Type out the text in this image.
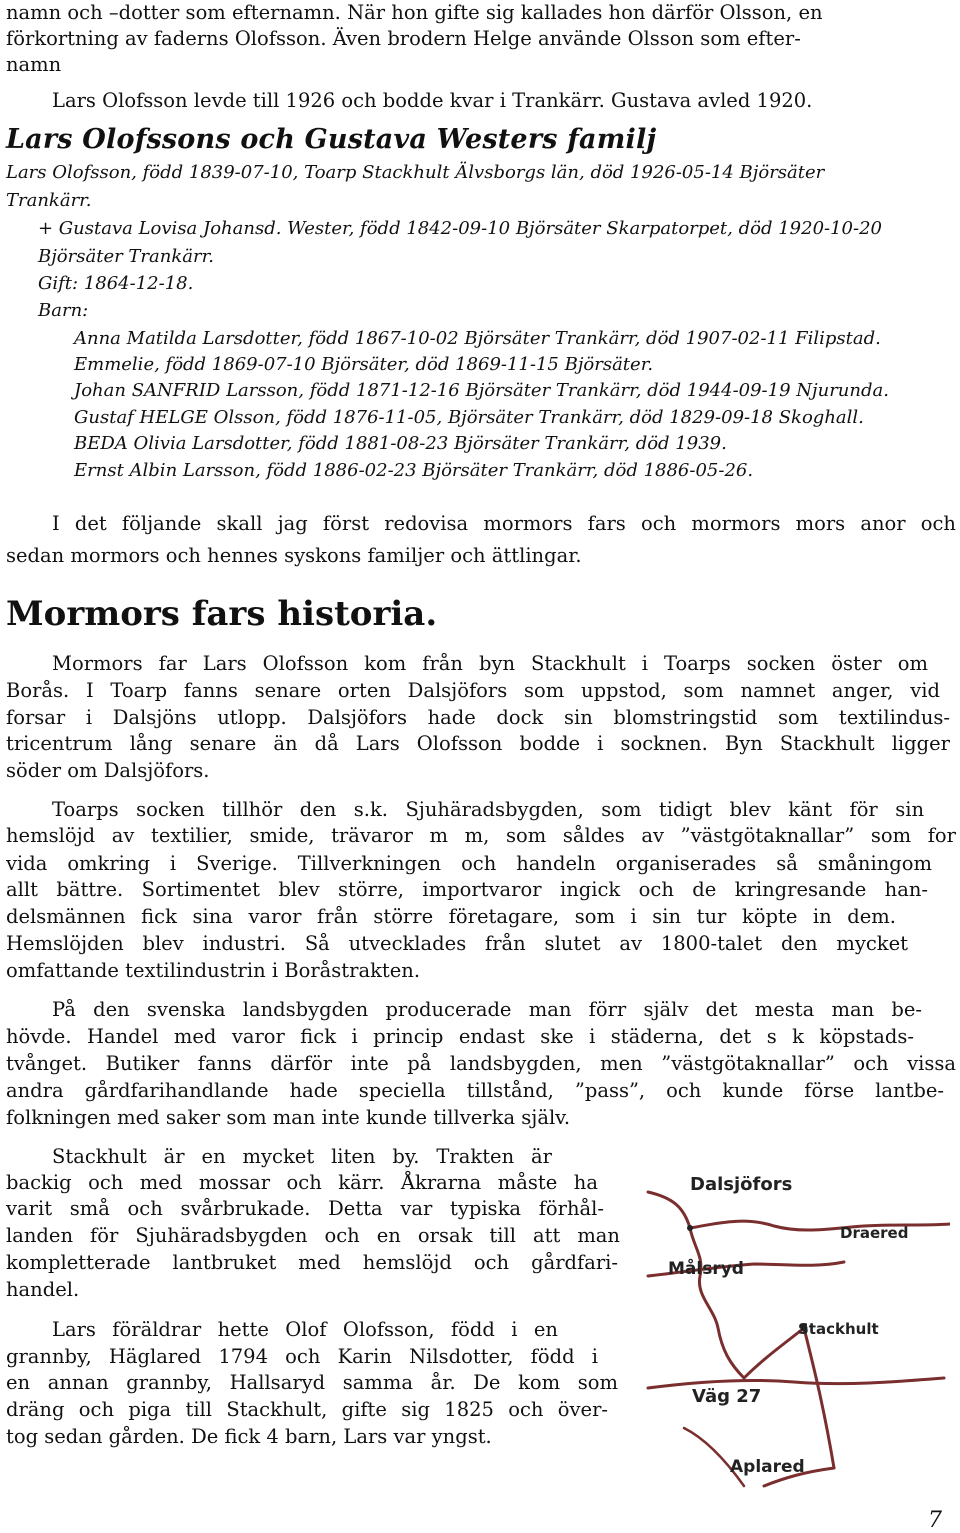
namn och –dotter som efternamn. När hon gifte sig kallades hon därför Olsson, en
förkortning av faderns Olofsson. Även brodern Helge använde Olsson som efter-
namn
Lars Olofsson levde till 1926 och bodde kvar i Trankärr. Gustava avled 1920.
Lars Olofssons och Gustava Westers familj
Lars Olofsson, född 1839-07-10, Toarp Stackhult Älvsborgs län, död 1926-05-14 Björsäter
Trankärr.
+ Gustava Lovisa Johansd. Wester, född 1842-09-10 Björsäter Skarpatorpet, död 1920-10-20
Björsäter Trankärr.
Gift: 1864-12-18.
Barn:
Anna Matilda Larsdotter, född 1867-10-02 Björsäter Trankärr, död 1907-02-11 Filipstad.
Emmelie, född 1869-07-10 Björsäter, död 1869-11-15 Björsäter.
Johan SANFRID Larsson, född 1871-12-16 Björsäter Trankärr, död 1944-09-19 Njurunda.
Gustaf HELGE Olsson, född 1876-11-05, Björsäter Trankärr, död 1829-09-18 Skoghall.
BEDA Olivia Larsdotter, född 1881-08-23 Björsäter Trankärr, död 1939.
Ernst Albin Larsson, född 1886-02-23 Björsäter Trankärr, död 1886-05-26.
I det följande skall jag först redovisa mormors fars och mormors mors anor och
sedan mormors och hennes syskons familjer och ättlingar.
Mormors fars historia.
Mormors far Lars Olofsson kom från byn Stackhult i Toarps socken öster om
Borås. I Toarp fanns senare orten Dalsjöfors som uppstod, som namnet anger, vid
forsar i Dalsjöns utlopp. Dalsjöfors hade dock sin blomstringstid som textilindus-
tricentrum lång senare än då Lars Olofsson bodde i socknen. Byn Stackhult ligger
söder om Dalsjöfors.
Toarps socken tillhör den s.k. Sjuhäradsbygden, som tidigt blev känt för sin
hemslöjd av textilier, smide, trävaror m m, som såldes av ”västgötaknallar” som for
vida omkring i Sverige. Tillverkningen och handeln organiserades så småningom
allt bättre. Sortimentet blev större, importvaror ingick och de kringresande han-
delsmännen fick sina varor från större företagare, som i sin tur köpte in dem.
Hemslöjden blev industri. Så utvecklades från slutet av 1800-talet den mycket
omfattande textilindustrin i Boråstrakten.
På den svenska landsbygden producerade man förr själv det mesta man be-
hövde. Handel med varor fick i princip endast ske i städerna, det s k köpstads-
tvånget. Butiker fanns därför inte på landsbygden, men ”västgötaknallar” och vissa
andra gårdfarihandlande hade speciella tillstånd, ”pass”, och kunde förse lantbe-
folkningen med saker som man inte kunde tillverka själv.
Stackhult är en mycket liten by. Trakten är
backig och med mossar och kärr. Åkrarna måste ha
varit små och svårbrukade. Detta var typiska förhål-
landen för Sjuhäradsbygden och en orsak till att man
kompletterade lantbruket med hemslöjd och gårdfari-
handel.
Lars föräldrar hette Olof Olofsson, född i en
grannby, Häglared 1794 och Karin Nilsdotter, född i
en annan grannby, Hallsaryd samma år. De kom som
dräng och piga till Stackhult, gifte sig 1825 och över-
tog sedan gården. De fick 4 barn, Lars var yngst.
Dalsjöfors
Draered
Målsryd
Stackhult
Väg 27
Aplared
7
